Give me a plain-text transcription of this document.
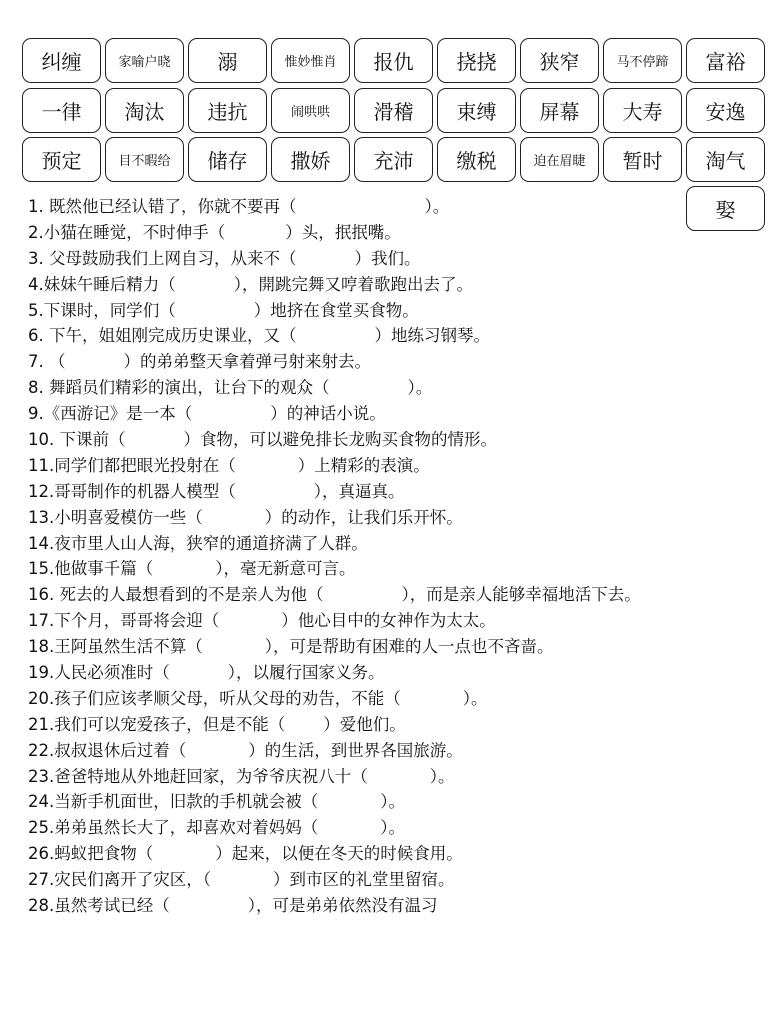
纠缠	家喻户晓	溺	惟妙惟肖	报仇	挠挠	狭窄	马不停蹄	富裕
一律	淘汰	违抗	闹哄哄	滑稽	束缚	屏幕	大寿	安逸
预定	目不暇给	储存	撒娇	充沛	缴税	迫在眉睫	暂时	淘气
娶
1. 既然他已经认错了，你就不要再（	）。
2.小猫在睡觉，不时伸手（	）头，抿抿嘴。
3. 父母鼓励我们上网自习，从来不（	）我们。
4.妹妹午睡后精力（	），開跳完舞又哼着歌跑出去了。
5.下课时，同学们（	）地挤在食堂买食物。
6. 下午，姐姐刚完成历史课业，又（	）地练习钢琴。
7. （	）的弟弟整天拿着弹弓射来射去。
8. 舞蹈员们精彩的演出，让台下的观众（	）。
9.《西游记》是一本（	）的神话小说。
10. 下课前（	）食物，可以避免排长龙购买食物的情形。
11.同学们都把眼光投射在（	）上精彩的表演。
12.哥哥制作的机器人模型（	），真逼真。
13.小明喜爱模仿一些（	）的动作，让我们乐开怀。
14.夜市里人山人海，狭窄的通道挤满了人群。
15.他做事千篇（	），毫无新意可言。
16. 死去的人最想看到的不是亲人为他（	），而是亲人能够幸福地活下去。
17.下个月，哥哥将会迎（	）他心目中的女神作为太太。
18.王阿虽然生活不算（	），可是帮助有困难的人一点也不吝啬。
19.人民必须准时（	），以履行国家义务。
20.孩子们应该孝顺父母，听从父母的劝告，不能（	）。
21.我们可以宠爱孩子，但是不能（ ）爱他们。
22.叔叔退休后过着（	）的生活，到世界各国旅游。
23.爸爸特地从外地赶回家，为爷爷庆祝八十（	）。
24.当新手机面世，旧款的手机就会被（	）。
25.弟弟虽然长大了，却喜欢对着妈妈（	）。
26.蚂蚁把食物（	）起来，以便在冬天的时候食用。
27.灾民们离开了灾区，（	）到市区的礼堂里留宿。
28.虽然考试已经（	），可是弟弟依然没有温习
